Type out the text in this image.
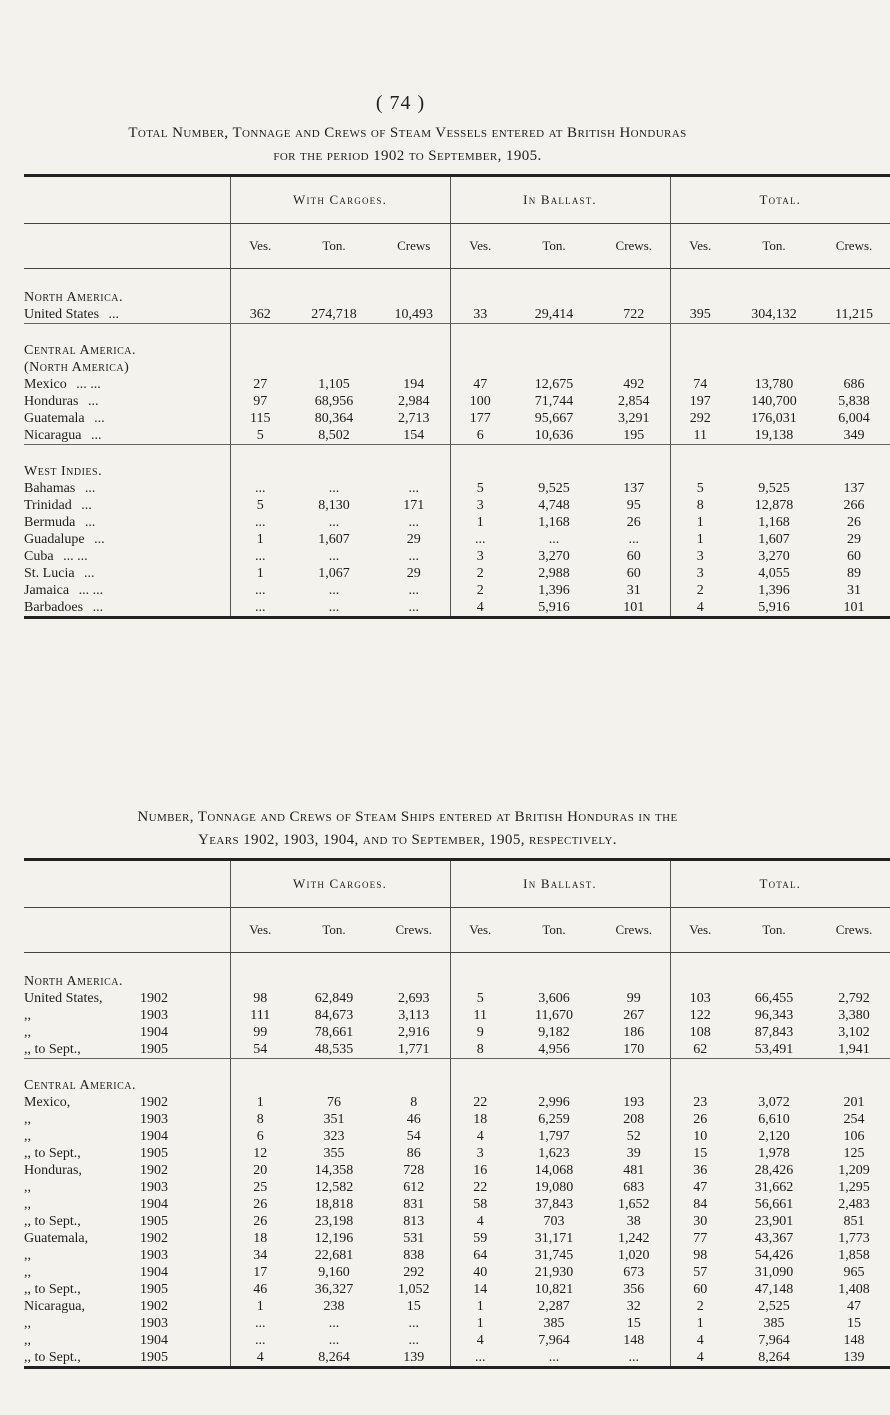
( 74 )
Total Number, Tonnage and Crews of Steam Vessels entered at British Honduras
for the period 1902 to September, 1905.
	With Cargoes.			In Ballast.			Total.		
	Ves.	Ton.	Crews	Ves.	Ton.	Crews.	Ves.	Ton.	Crews.

North America.									
United States ...	362	274,718	10,493	33	29,414	722	395	304,132	11,215

Central America.									
(North America)									
Mexico ... ...	27	1,105	194	47	12,675	492	74	13,780	686
Honduras ...	97	68,956	2,984	100	71,744	2,854	197	140,700	5,838
Guatemala ...	115	80,364	2,713	177	95,667	3,291	292	176,031	6,004
Nicaragua ...	5	8,502	154	6	10,636	195	11	19,138	349

West Indies.									
Bahamas ...	...	...	...	5	9,525	137	5	9,525	137
Trinidad ...	5	8,130	171	3	4,748	95	8	12,878	266
Bermuda ...	...	...	...	1	1,168	26	1	1,168	26
Guadalupe ...	1	1,607	29	...	...	...	1	1,607	29
Cuba ... ...	...	...	...	3	3,270	60	3	3,270	60
St. Lucia ...	1	1,067	29	2	2,988	60	3	4,055	89
Jamaica ... ...	...	...	...	2	1,396	31	2	1,396	31
Barbadoes ...	...	...	...	4	5,916	101	4	5,916	101
Number, Tonnage and Crews of Steam Ships entered at British Honduras in the
Years 1902, 1903, 1904, and to September, 1905, respectively.
	With Cargoes.			In Ballast.			Total.		
	Ves.	Ton.	Crews.	Ves.	Ton.	Crews.	Ves.	Ton.	Crews.

North America.									
United States, 1902	98	62,849	2,693	5	3,606	99	103	66,455	2,792
,, 1903	111	84,673	3,113	11	11,670	267	122	96,343	3,380
,, 1904	99	78,661	2,916	9	9,182	186	108	87,843	3,102
,, to Sept., 1905	54	48,535	1,771	8	4,956	170	62	53,491	1,941

Central America.									
Mexico, 1902	1	76	8	22	2,996	193	23	3,072	201
,, 1903	8	351	46	18	6,259	208	26	6,610	254
,, 1904	6	323	54	4	1,797	52	10	2,120	106
,, to Sept., 1905	12	355	86	3	1,623	39	15	1,978	125
Honduras, 1902	20	14,358	728	16	14,068	481	36	28,426	1,209
,, 1903	25	12,582	612	22	19,080	683	47	31,662	1,295
,, 1904	26	18,818	831	58	37,843	1,652	84	56,661	2,483
,, to Sept., 1905	26	23,198	813	4	703	38	30	23,901	851
Guatemala, 1902	18	12,196	531	59	31,171	1,242	77	43,367	1,773
,, 1903	34	22,681	838	64	31,745	1,020	98	54,426	1,858
,, 1904	17	9,160	292	40	21,930	673	57	31,090	965
,, to Sept., 1905	46	36,327	1,052	14	10,821	356	60	47,148	1,408
Nicaragua, 1902	1	238	15	1	2,287	32	2	2,525	47
,, 1903	...	...	...	1	385	15	1	385	15
,, 1904	...	...	...	4	7,964	148	4	7,964	148
,, to Sept., 1905	4	8,264	139	...	...	...	4	8,264	139
